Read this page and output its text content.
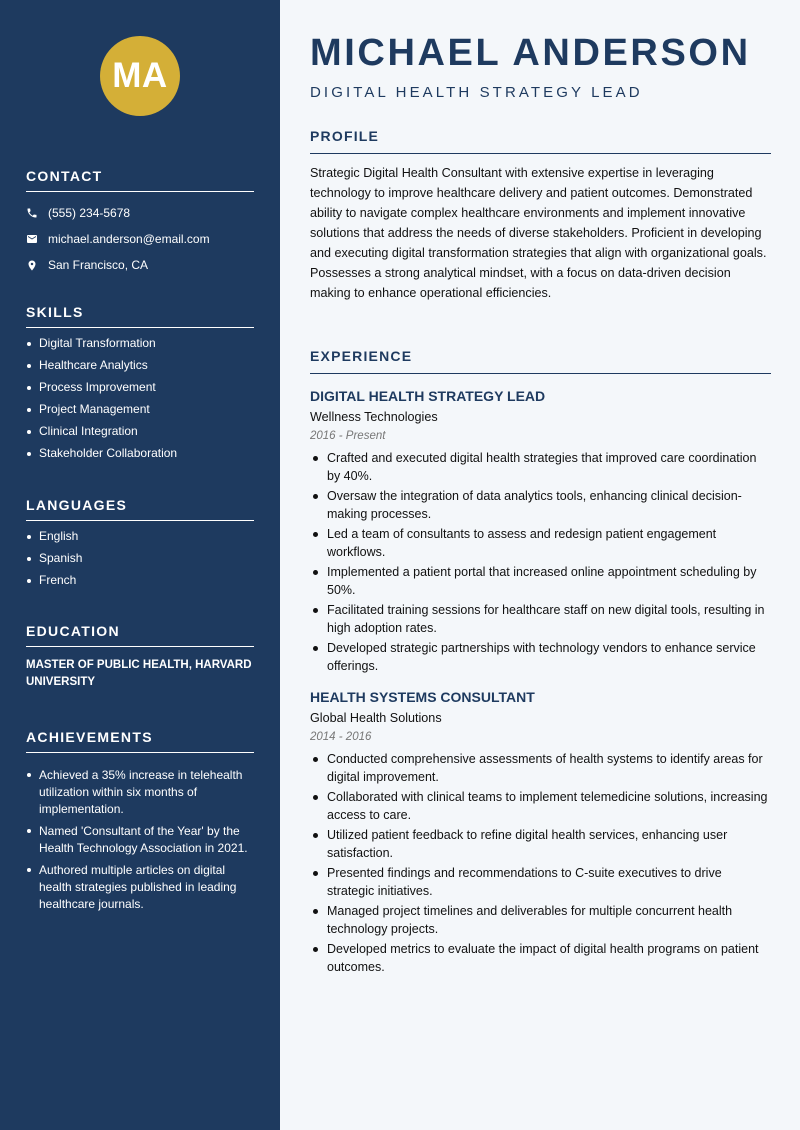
MA
CONTACT
(555) 234-5678
michael.anderson@email.com
San Francisco, CA
SKILLS
Digital Transformation
Healthcare Analytics
Process Improvement
Project Management
Clinical Integration
Stakeholder Collaboration
LANGUAGES
English
Spanish
French
EDUCATION
MASTER OF PUBLIC HEALTH, HARVARD UNIVERSITY
ACHIEVEMENTS
Achieved a 35% increase in telehealth utilization within six months of implementation.
Named 'Consultant of the Year' by the Health Technology Association in 2021.
Authored multiple articles on digital health strategies published in leading healthcare journals.
MICHAEL ANDERSON
DIGITAL HEALTH STRATEGY LEAD
PROFILE

Strategic Digital Health Consultant with extensive expertise in leveraging technology to improve healthcare delivery and patient outcomes. Demonstrated ability to navigate complex healthcare environments and implement innovative solutions that address the needs of diverse stakeholders. Proficient in developing and executing digital transformation strategies that align with organizational goals. Possesses a strong analytical mindset, with a focus on data-driven decision making to enhance operational efficiencies.

EXPERIENCE
DIGITAL HEALTH STRATEGY LEAD
Wellness Technologies
2016 - Present
Crafted and executed digital health strategies that improved care coordination by 40%.
Oversaw the integration of data analytics tools, enhancing clinical decision-making processes.
Led a team of consultants to assess and redesign patient engagement workflows.
Implemented a patient portal that increased online appointment scheduling by 50%.
Facilitated training sessions for healthcare staff on new digital tools, resulting in high adoption rates.
Developed strategic partnerships with technology vendors to enhance service offerings.
HEALTH SYSTEMS CONSULTANT
Global Health Solutions
2014 - 2016
Conducted comprehensive assessments of health systems to identify areas for digital improvement.
Collaborated with clinical teams to implement telemedicine solutions, increasing access to care.
Utilized patient feedback to refine digital health services, enhancing user satisfaction.
Presented findings and recommendations to C-suite executives to drive strategic initiatives.
Managed project timelines and deliverables for multiple concurrent health technology projects.
Developed metrics to evaluate the impact of digital health programs on patient outcomes.
